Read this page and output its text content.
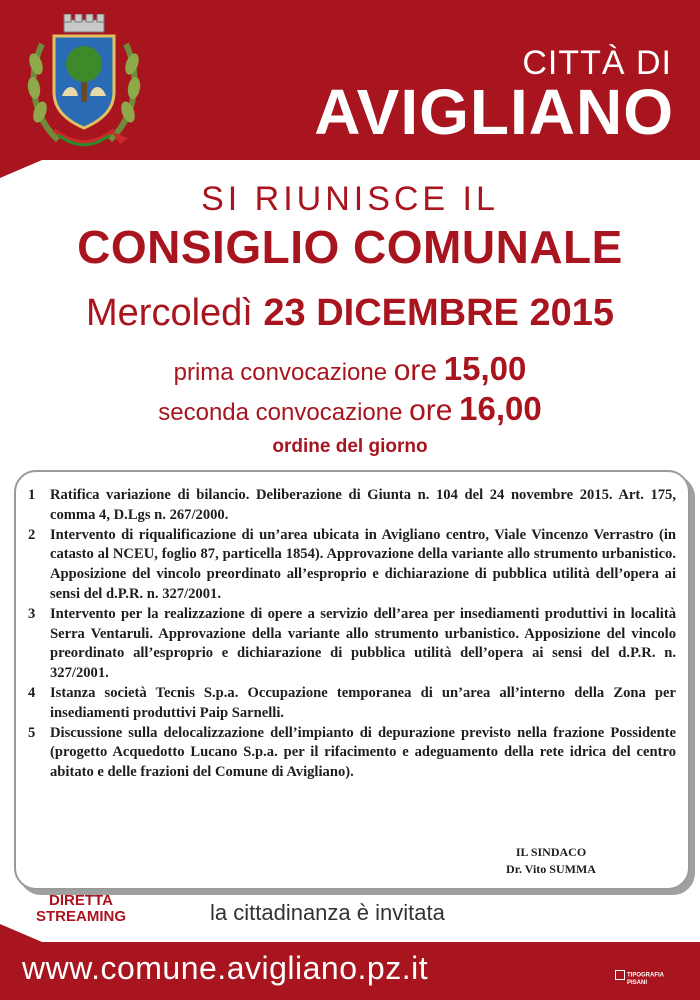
CITTÀ DI
AVIGLIANO
SI RIUNISCE IL
CONSIGLIO COMUNALE
Mercoledì 23 DICEMBRE 2015
prima convocazione ore 15,00
seconda convocazione ore 16,00
ordine del giorno
1	Ratifica variazione di bilancio. Deliberazione di Giunta n. 104 del 24 novembre 2015. Art. 175, comma 4, D.Lgs n. 267/2000.
2	Intervento di riqualificazione di un’area ubicata in Avigliano centro, Viale Vincenzo Verrastro (in catasto al NCEU, foglio 87, particella 1854). Approvazione della variante allo strumento urbanistico. Apposizione del vincolo preordinato all’esproprio e dichiarazione di pubblica utilità dell’opera ai sensi del d.P.R. n. 327/2001.
3	Intervento per la realizzazione di opere a servizio dell’area per insediamenti produttivi in località Serra Ventaruli. Approvazione della variante allo strumento urbanistico. Apposizione del vincolo preordinato all’esproprio e dichiarazione di pubblica utilità dell’opera ai sensi del d.P.R. n. 327/2001.
4	Istanza società Tecnis S.p.a. Occupazione temporanea di un’area all’interno della Zona per insediamenti produttivi Paip Sarnelli.
5	Discussione sulla delocalizzazione dell’impianto di depurazione previsto nella frazione Possidente (progetto Acquedotto Lucano S.p.a. per il rifacimento e adeguamento della rete idrica del centro abitato e delle frazioni del Comune di Avigliano).
IL SINDACO
Dr. Vito SUMMA
DIRETTA
STREAMING	la cittadinanza è invitata
www.comune.avigliano.pz.it	TIPOGRAFIA
PISANI
